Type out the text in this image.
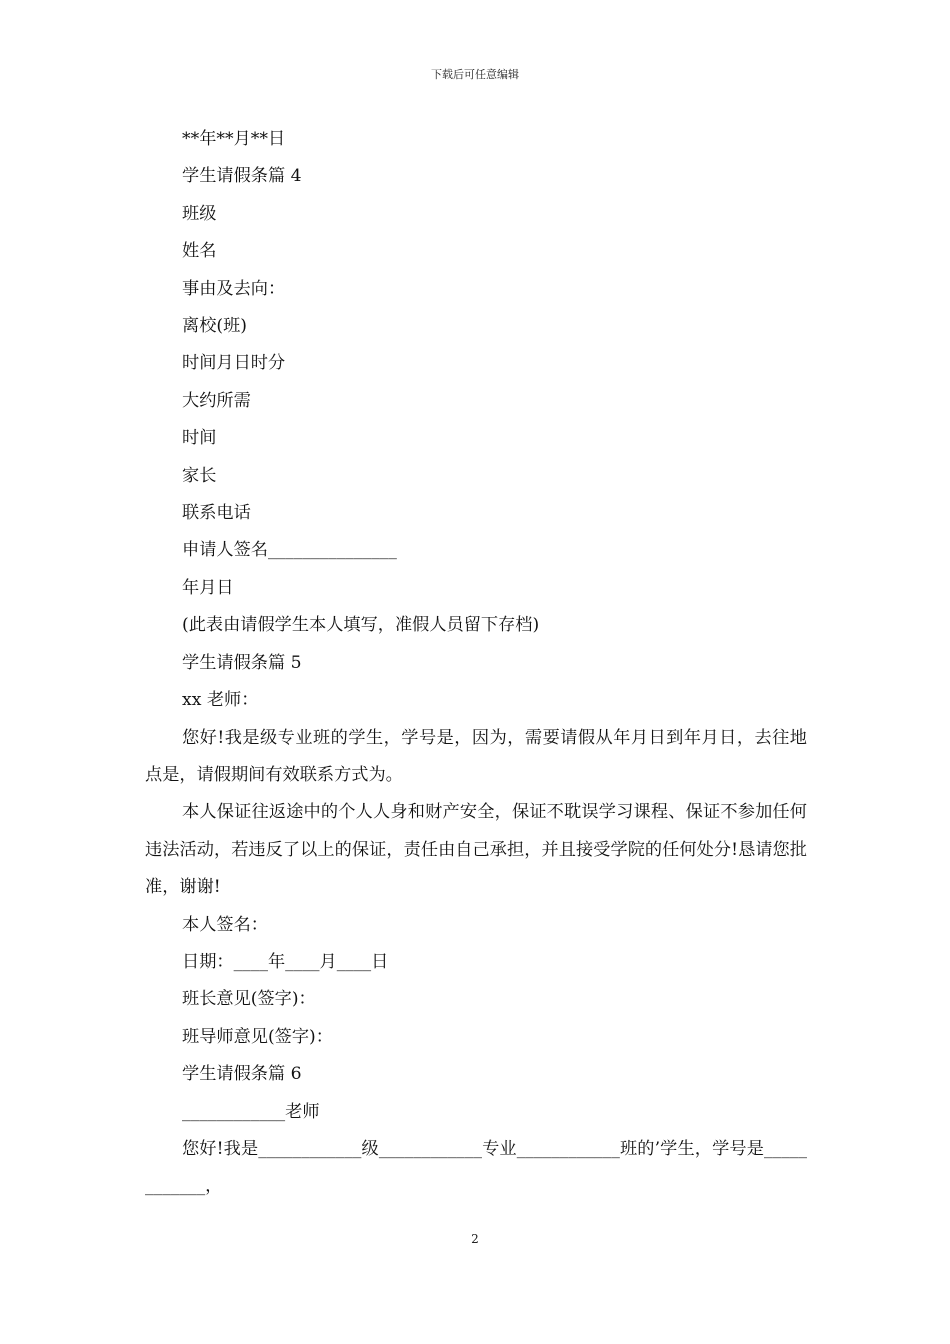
下载后可任意编辑
**年**月**日
学生请假条篇 4
班级
姓名
事由及去向：
离校(班)
时间月日时分
大约所需
时间
家长
联系电话
申请人签名_______________
年月日
(此表由请假学生本人填写，准假人员留下存档)
学生请假条篇 5
xx 老师：
您好!我是级专业班的学生，学号是，因为，需要请假从年月日到年月日，去往地点是，请假期间有效联系方式为。
本人保证往返途中的个人人身和财产安全，保证不耽误学习课程、保证不参加任何违法活动，若违反了以上的保证，责任由自己承担，并且接受学院的任何处分!恳请您批准，谢谢!
本人签名：
日期：____年____月____日
班长意见(签字)：
班导师意见(签字)：
学生请假条篇 6
____________老师
您好!我是____________级____________专业____________班的’学生，学号是____________，
2
